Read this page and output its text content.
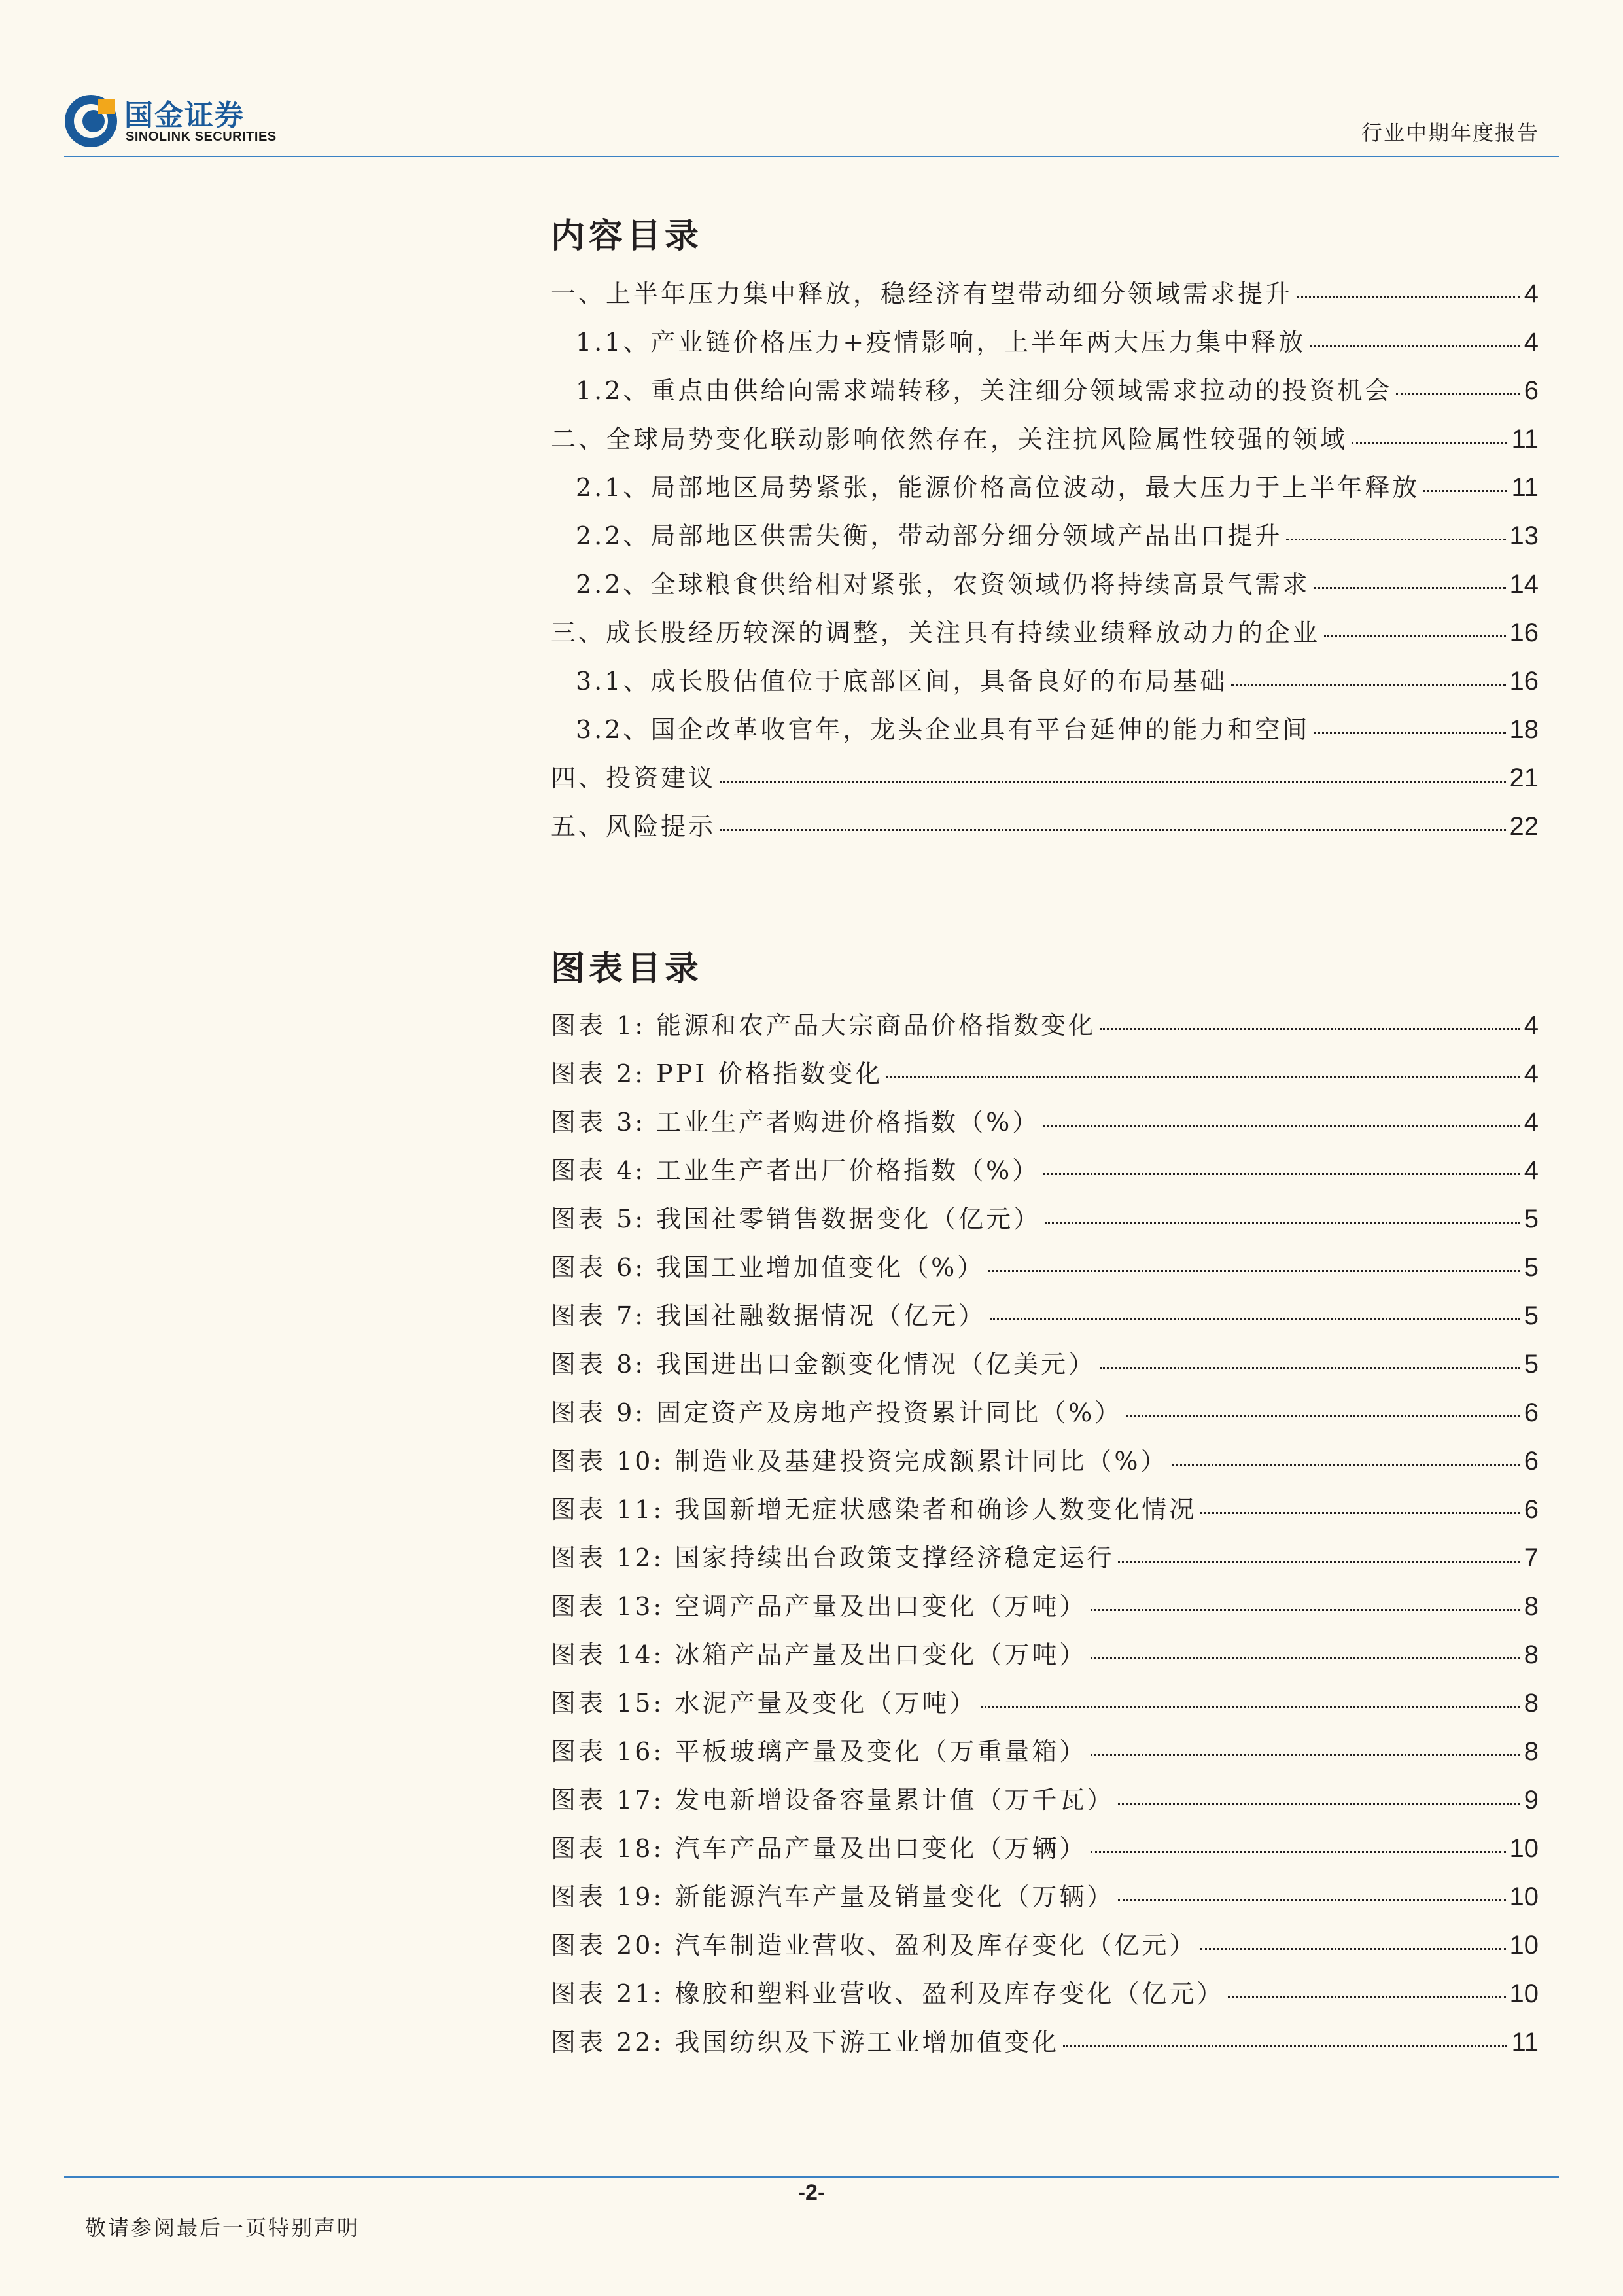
国金证券
SINOLINK SECURITIES	行业中期年度报告
内容目录
一、上半年压力集中释放，稳经济有望带动细分领域需求提升	4
1.1、产业链价格压力+疫情影响，上半年两大压力集中释放	4
1.2、重点由供给向需求端转移，关注细分领域需求拉动的投资机会	6
二、全球局势变化联动影响依然存在，关注抗风险属性较强的领域	11
2.1、局部地区局势紧张，能源价格高位波动，最大压力于上半年释放	11
2.2、局部地区供需失衡，带动部分细分领域产品出口提升	13
2.2、全球粮食供给相对紧张，农资领域仍将持续高景气需求	14
三、成长股经历较深的调整，关注具有持续业绩释放动力的企业	16
3.1、成长股估值位于底部区间，具备良好的布局基础	16
3.2、国企改革收官年，龙头企业具有平台延伸的能力和空间	18
四、投资建议	21
五、风险提示	22
图表目录
图表 1: 能源和农产品大宗商品价格指数变化	4
图表 2: PPI 价格指数变化	4
图表 3: 工业生产者购进价格指数（%）	4
图表 4: 工业生产者出厂价格指数（%）	4
图表 5: 我国社零销售数据变化（亿元）	5
图表 6: 我国工业增加值变化（%）	5
图表 7: 我国社融数据情况（亿元）	5
图表 8: 我国进出口金额变化情况（亿美元）	5
图表 9: 固定资产及房地产投资累计同比（%）	6
图表 10: 制造业及基建投资完成额累计同比（%）	6
图表 11: 我国新增无症状感染者和确诊人数变化情况	6
图表 12: 国家持续出台政策支撑经济稳定运行	7
图表 13: 空调产品产量及出口变化（万吨）	8
图表 14: 冰箱产品产量及出口变化（万吨）	8
图表 15: 水泥产量及变化（万吨）	8
图表 16: 平板玻璃产量及变化（万重量箱）	8
图表 17: 发电新增设备容量累计值（万千瓦）	9
图表 18: 汽车产品产量及出口变化（万辆）	10
图表 19: 新能源汽车产量及销量变化（万辆）	10
图表 20: 汽车制造业营收、盈利及库存变化（亿元）	10
图表 21: 橡胶和塑料业营收、盈利及库存变化（亿元）	10
图表 22: 我国纺织及下游工业增加值变化	11
-2-
敬请参阅最后一页特别声明
